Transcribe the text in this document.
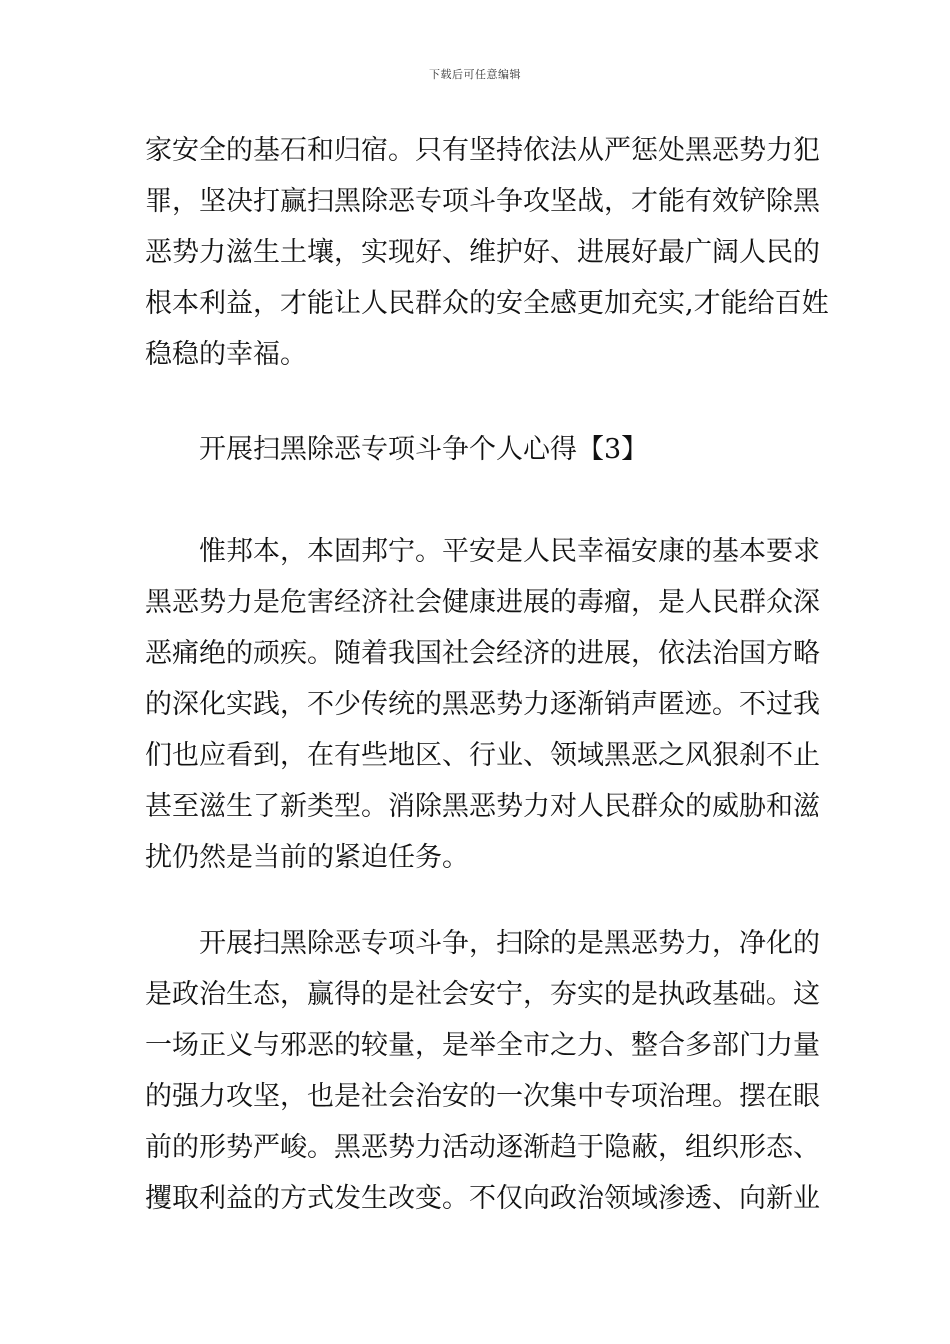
下载后可任意编辑
家安全的基石和归宿。只有坚持依法从严惩处黑恶势力犯
罪，坚决打赢扫黑除恶专项斗争攻坚战，才能有效铲除黑
恶势力滋生土壤，实现好、维护好、进展好最广阔人民的
根本利益，才能让人民群众的安全感更加充实,才能给百姓
稳稳的幸福。
开展扫黑除恶专项斗争个人心得【3】
惟邦本，本固邦宁。平安是人民幸福安康的基本要求
黑恶势力是危害经济社会健康进展的毒瘤，是人民群众深
恶痛绝的顽疾。随着我国社会经济的进展，依法治国方略
的深化实践，不少传统的黑恶势力逐渐销声匿迹。不过我
们也应看到，在有些地区、行业、领域黑恶之风狠刹不止
甚至滋生了新类型。消除黑恶势力对人民群众的威胁和滋
扰仍然是当前的紧迫任务。
开展扫黑除恶专项斗争，扫除的是黑恶势力，净化的
是政治生态，赢得的是社会安宁，夯实的是执政基础。这
一场正义与邪恶的较量，是举全市之力、整合多部门力量
的强力攻坚，也是社会治安的一次集中专项治理。摆在眼
前的形势严峻。黑恶势力活动逐渐趋于隐蔽，组织形态、
攫取利益的方式发生改变。不仅向政治领域渗透、向新业
